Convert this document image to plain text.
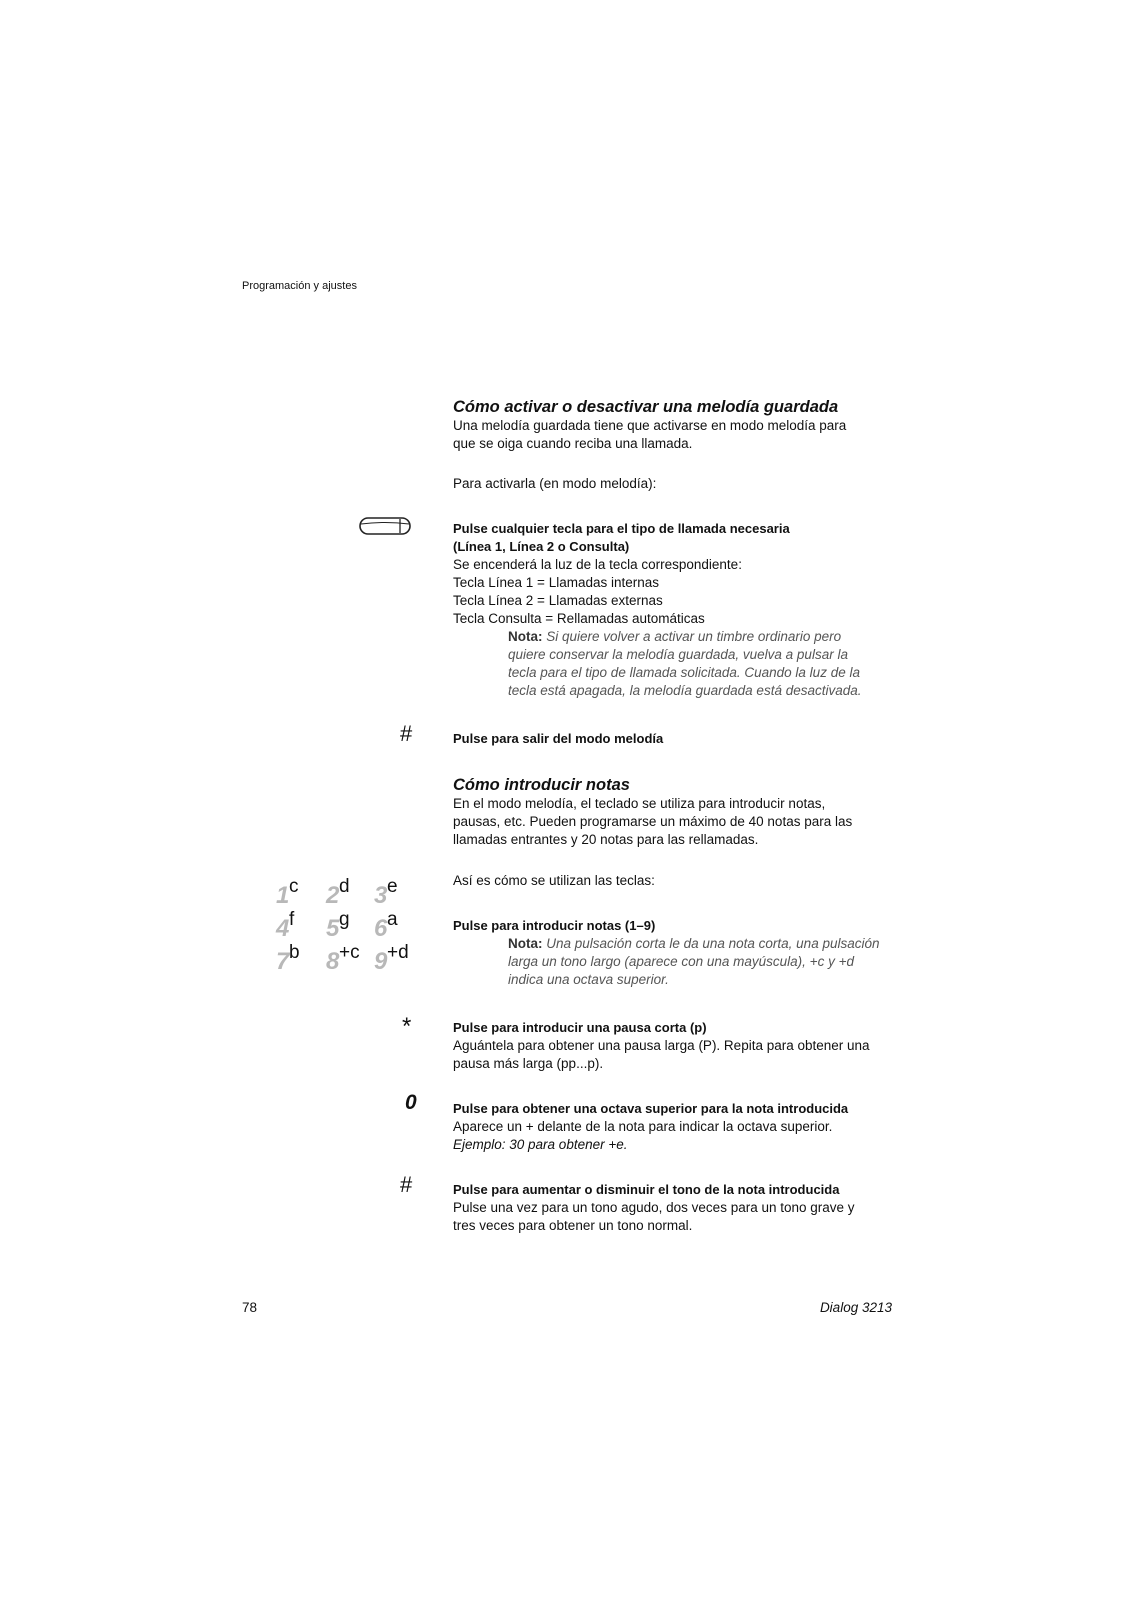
Programación y ajustes

Cómo activar o desactivar una melodía guardada

Una melodía guardada tiene que activarse en modo melodía para

que se oiga cuando reciba una llamada.

Para activarla (en modo melodía):

Pulse cualquier tecla para el tipo de llamada necesaria

(Línea 1, Línea 2 o Consulta)

Se encenderá la luz de la tecla correspondiente:

Tecla Línea 1 = Llamadas internas

Tecla Línea 2 = Llamadas externas

Tecla Consulta = Rellamadas automáticas

Nota: Si quiere volver a activar un timbre ordinario pero

quiere conservar la melodía guardada, vuelva a pulsar la

tecla para el tipo de llamada solicitada. Cuando la luz de la

tecla está apagada, la melodía guardada está desactivada.

#	Pulse para salir del modo melodía

Cómo introducir notas

En el modo melodía, el teclado se utiliza para introducir notas,

pausas, etc. Pueden programarse un máximo de 40 notas para las

llamadas entrantes y 20 notas para las rellamadas.

Así es cómo se utilizan las teclas:
1 c 2 d 3 e
4 f 5 g 6 a
7 b 8 +c 9 +d

Pulse para introducir notas (1–9)

Nota: Una pulsación corta le da una nota corta, una pulsación

larga un tono largo (aparece con una mayúscula), +c y +d

indica una octava superior.

*	Pulse para introducir una pausa corta (p)

Aguántela para obtener una pausa larga (P). Repita para obtener una

pausa más larga (pp...p).

0	Pulse para obtener una octava superior para la nota introducida

Aparece un + delante de la nota para indicar la octava superior.

Ejemplo: 30 para obtener +e.

#	Pulse para aumentar o disminuir el tono de la nota introducida

Pulse una vez para un tono agudo, dos veces para un tono grave y

tres veces para obtener un tono normal.

78	Dialog 3213
